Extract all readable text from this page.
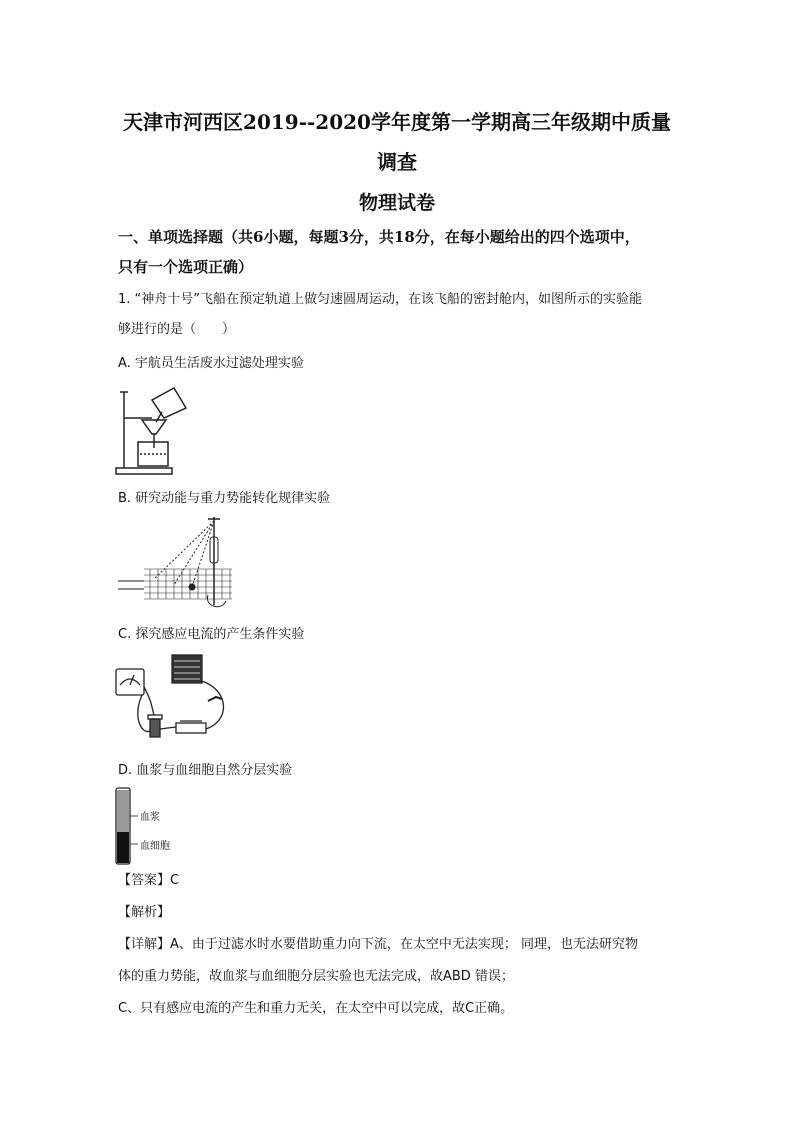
天津市河西区2019--2020学年度第一学期高三年级期中质量
调查
物理试卷
一、单项选择题（共6小题，每题3分，共18分，在每小题给出的四个选项中，
只有一个选项正确）
1. “神舟十号”飞船在预定轨道上做匀速圆周运动，在该飞船的密封舱内，如图所示的实验能
够进行的是（　　）
A. 宇航员生活废水过滤处理实验
B. 研究动能与重力势能转化规律实验
C. 探究感应电流的产生条件实验
D. 血浆与血细胞自然分层实验
血浆
血细胞
【答案】C
【解析】
【详解】A、由于过滤水时水要借助重力向下流，在太空中无法实现； 同理，也无法研究物
体的重力势能，故血浆与血细胞分层实验也无法完成，故ABD 错误；
C、只有感应电流的产生和重力无关，在太空中可以完成，故C正确。
